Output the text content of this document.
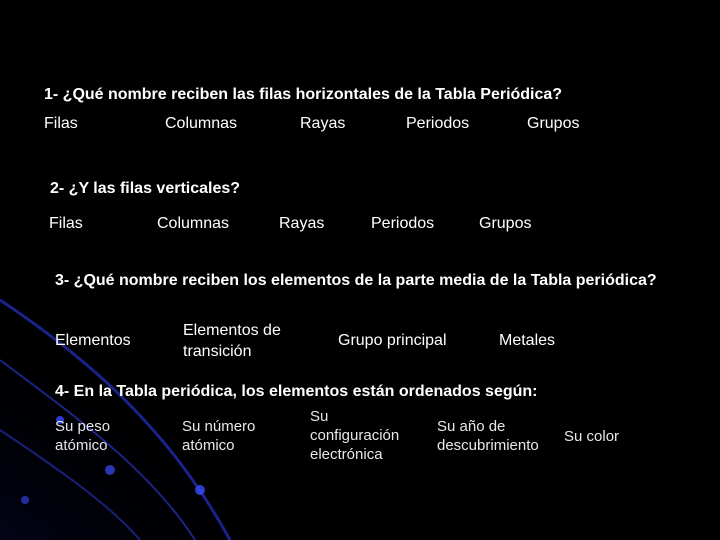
1- ¿Qué nombre reciben las filas horizontales de la Tabla Periódica?

Filas	Columnas	Rayas	Periodos	Grupos

2- ¿Y las filas verticales?

Filas	Columnas	Rayas	Periodos	Grupos

3- ¿Qué nombre reciben los elementos de la parte media de la Tabla periódica?

Elementos
Elementos de
transición
Grupo principal	Metales

4- En la Tabla periódica, los elementos están ordenados según:

Su peso
atómico
Su número
atómico
Su
configuración
electrónica
Su año de
descubrimiento
Su color
